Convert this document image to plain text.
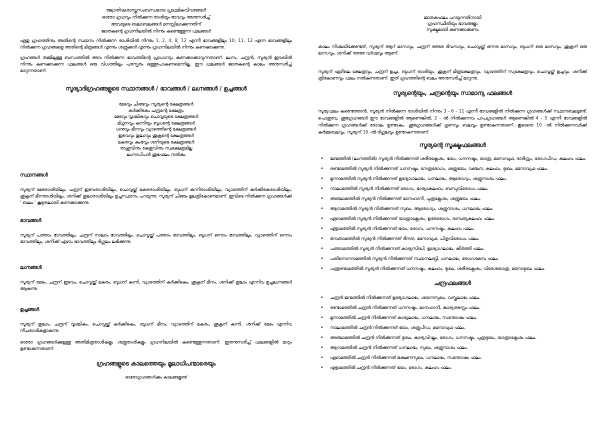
ജ്യോതിഷശാസ്ത്രസംബന്ധമായ പ്രാഥമികവിവരങ്ങൾ
ഓരോ ഗ്രഹവും നിൽക്കുന്ന രാശിയും ഭാവവും അനുസരിച്ച്
അവയുടെ ബലാബലങ്ങൾ മനസ്സിലാക്കുന്നതിന്
ജാതകന്റെ ഗ്രഹനിലയിൽ നിന്നും കണ്ടെത്തുന്ന ഫലങ്ങൾ

ഏതു ഗ്രഹത്തിനും അതിന്റെ സ്ഥാനം നിൽക്കുന്ന രാശിയിൽ നിന്നും 1, 2, 4, 8, 12 എന്നീ ഭാവങ്ങളിലും 10, 11, 12 എന്ന ഭാവങ്ങളിലും നിൽക്കുന്ന ഗ്രഹങ്ങളെ അതിന്റെ മിത്രങ്ങൾ എന്നും ശത്രുക്കൾ എന്നും ഗ്രഹനിലയിൽ നിന്നും കണക്കാക്കുന്നു.

ഗ്രഹങ്ങൾ തമ്മിലുള്ള ബന്ധത്തിൽ അവ നിൽക്കുന്ന ഭാവത്തിന്റെ പ്രാധാന്യം കണക്കാക്കാവുന്നതാണ്. ലഗ്നം, ചന്ദ്രൻ, സൂര്യൻ ഇവയിൽ നിന്നും കണക്കാക്കുന്ന ഫലങ്ങൾ ഒരു വിധത്തിലും പരസ്പരം ഒത്തുപോകണമെന്നില്ല. ഈ ഫലങ്ങൾ ജാതകന്റെ കാലം അനുസരിച്ച് മാറുന്നതാണ്.

സൂര്യാദിഗ്രഹങ്ങളുടെ സ്ഥാനങ്ങൾ / ഭാവങ്ങൾ / ലഗ്നങ്ങൾ / ഉച്ചങ്ങൾ
മേടവും ചിങ്ങവും സൂര്യന്റെ ക്ഷേത്രങ്ങൾ
കർക്കിടകം ചന്ദ്രന്റെ ക്ഷേത്രം
മേടവും വൃശ്ചികവും ചൊവ്വയുടെ ക്ഷേത്രങ്ങൾ
മിഥുനവും കന്നിയും ബുധന്റെ ക്ഷേത്രങ്ങൾ
ധനുവും മീനവും വ്യാഴത്തിന്റെ ക്ഷേത്രങ്ങൾ
ഇടവവും തുലാവും ശുക്രന്റെ ക്ഷേത്രങ്ങൾ
മകരവും കുംഭവും ശനിയുടെ ക്ഷേത്രങ്ങൾ
രാഹുവിനും കേതുവിനും സ്വക്ഷേത്രമില്ല
ലഗ്നാധിപൻ ശുഭഫലം നൽകും
സ്ഥാനങ്ങൾ

സൂര്യന് മേടരാശിയിലും, ചന്ദ്രന് ഇടവരാശിയിലും, ചൊവ്വയ്ക്ക് മകരരാശിയിലും, ബുധന് കന്നിരാശിയിലും, വ്യാഴത്തിന് കർക്കിടകരാശിയിലും, ശുക്രന് മീനരാശിയിലും, ശനിക്ക് തുലാരാശിയിലും ഉച്ചസ്ഥാനം പറയുന്നു. സൂര്യന് ചിങ്ങം മൂലത്രികോണമാണ്. ഇവിടെ നിൽക്കുന്ന ഗ്രഹങ്ങൾക്ക് ' ബലം ' കൂടുതലായി കണക്കാക്കുന്നു.

ഭാവങ്ങൾ

സൂര്യന് പത്താം ഭാവത്തിലും, ചന്ദ്രന് നാലാം ഭാവത്തിലും, ചൊവ്വയ്ക്ക് പത്താം ഭാവത്തിലും, ബുധന് ഒന്നാം ഭാവത്തിലും, വ്യാഴത്തിന് ഒന്നാം ഭാവത്തിലും, ശനിക്ക് ഏഴാം ഭാവത്തിലും ദിഗ്ബലം ലഭിക്കുന്നു.

ലഗ്നങ്ങൾ

സൂര്യന് മേടം, ചന്ദ്രന് ഇടവം, ചൊവ്വയ്ക്ക് മകരം, ബുധന് കന്നി, വ്യാഴത്തിന് കർക്കിടകം, ശുക്രന് മീനം, ശനിക്ക് തുലാം എന്നിവ ഉച്ചലഗ്നങ്ങൾ ആകുന്നു.

ഉച്ചങ്ങൾ

സൂര്യന് തുലാം, ചന്ദ്രന് വൃശ്ചികം, ചൊവ്വയ്ക്ക് കർക്കിടകം, ബുധന് മീനം, വ്യാഴത്തിന് മകരം, ശുക്രന് കന്നി, ശനിക്ക് മേടം എന്നിവ നീചരാശികളാകുന്നു.

ഓരോ ഗ്രഹങ്ങൾക്കുമുള്ള അതിമിത്രരാശികളും ശത്രുരാശികളും ഗ്രഹനിലയിൽ കണ്ടെത്തുന്നതാണ്. ഇതനുസരിച്ച് ഫലങ്ങളിൽ മാറ്റം ഉണ്ടാകുന്നതാണ്.

ഗ്രഹങ്ങളുടെ കാലത്തെയും മൂലാധിപന്മാരെയും
ഓരോഗ്രഹങ്ങൾക്കും കാലങ്ങളുണ്ട്
ജാതകഫലം പറയുന്നതിനായി
ഗ്രഹസ്ഥിതിയും ഭാവങ്ങളും
സൂക്ഷ്മമായി കണക്കാക്കണം

കാലം നിശ്ചയിക്കേണ്ടത്, സൂര്യന് ആറ് മാസവും, ചന്ദ്രന് രണ്ടര ദിവസവും, ചൊവ്വയ്ക്ക് ഒന്നര മാസവും, ബുധന് ഒരു മാസവും, ശുക്രന് ഒരു മാസവും, ശനിക്ക് രണ്ടര വർഷവും ആണ്.

സൂര്യന് ഏഴിലെ ക്ഷേത്രവും, ചന്ദ്രന് ഉച്ചം, ബുധന് രാശിയും, ശുക്രന് മിത്രക്ഷേത്രവും, വ്യാഴത്തിന് സ്വക്ഷേത്രവും, ചൊവ്വയ്ക്ക് ഉച്ചവും, ശനിക്ക് ത്രികോണവും ഫലം നൽകുന്നതാണ്. ഇത് ഗ്രഹത്തിന്റെ ബലം അനുസരിച്ച് മാറുന്നു.

സൂര്യന്റെയും, ചന്ദ്രന്റെയും സാമാന്യ ഫലങ്ങൾ

സൂര്യഫലം കണ്ടെത്താൻ, സൂര്യൻ നിൽക്കുന്ന രാശിയിൽ നിന്നും 3 - 6 - 11 എന്നീ ഭാവങ്ങളിൽ നിൽക്കുന്ന ഗ്രഹങ്ങൾക്ക് സ്ഥാനബലമുണ്ട്. പൊതുവേ, ശുഭഗ്രഹങ്ങൾ ഈ ഭാവങ്ങളിൽ ആണെങ്കിൽ, 2 - ൽ നിൽക്കുന്നവ പാപഗ്രഹങ്ങൾ ആണെങ്കിൽ 4 - 5 എന്നീ ഭാവങ്ങളിൽ നിൽക്കുന്ന ഗ്രഹങ്ങൾക്ക് ദോഷം ഉണ്ടാകും. ശുഭഗ്രഹങ്ങൾക്ക് ഗുണവും ബലവും ഉണ്ടാകുന്നതാണ്. കൂടാതെ 10 -ൽ നിൽക്കുന്നവർക്ക് കർമ്മബലവും, സൂര്യന് 10 -ൽ ദിഗ്ബലവും ഉണ്ടാകുന്നതാണ്.

സൂര്യന്റെ സൂക്ഷ്മഫലങ്ങൾ
•
ജന്മത്തിൽ (ലഗ്നത്തിൽ) സൂര്യൻ നിൽക്കുന്നത് ശരീരക്ലേശം, ഭയം, ധനനഷ്ടം, യാത്ര, മനോവ്യഥ, ദാരിദ്ര്യം, രോഗപീഡ, കലഹം ഫലം.
•
രണ്ടാമത്തിൽ സൂര്യൻ നിൽക്കുന്നത് ധനനഷ്ടം, നേത്രരോഗം, ശത്രുഭയം, വഞ്ചന, കലഹം, ദുഃഖം, മനോവ്യഥ ഫലം.
•
മൂന്നാമത്തിൽ സൂര്യൻ നിൽക്കുന്നത് ഉദ്യോഗലാഭം, ധനലാഭം, ആരോഗ്യം, ശത്രുനാശം ഫലം.
•
നാലാമത്തിൽ സൂര്യൻ നിൽക്കുന്നത് രോഗം, ഭാര്യാകലഹം, ബന്ധുവിരോധം ഫലം.
•
അഞ്ചാമത്തിൽ സൂര്യൻ നിൽക്കുന്നത് മാനഹാനി, പുത്രക്ലേശം, ശത്രുഭയം ഫലം.
•
ആറാമത്തിൽ സൂര്യൻ നിൽക്കുന്നത് സുഖം, ആരോഗ്യം, ശത്രുനാശം, ധനലാഭം ഫലം.
•
ഏഴാമത്തിൽ സൂര്യൻ നിൽക്കുന്നത് യാത്രാക്ലേശം, ഉദരരോഗം, ദാമ്പത്യകലഹം ഫലം.
•
എട്ടാമത്തിൽ സൂര്യൻ നിൽക്കുന്നത് ഭയം, രോഗം, ധനനഷ്ടം, കലഹം ഫലം.
•
ഒമ്പതാമത്തിൽ സൂര്യൻ നിൽക്കുന്നത് ദീനത, മനോവ്യഥ, പിതൃവിരോധം ഫലം.
•
പത്താമത്തിൽ സൂര്യൻ നിൽക്കുന്നത് കാര്യസിദ്ധി, ഉദ്യോഗലാഭം, കീർത്തി ഫലം.
•
പതിനൊന്നാമത്തിൽ സൂര്യൻ നിൽക്കുന്നത് സ്ഥാനലബ്ധി, ധനലാഭം, രോഗശമനം ഫലം.
•
പന്ത്രണ്ടാമത്തിൽ സൂര്യൻ നിൽക്കുന്നത് ധനനഷ്ടം, കലഹം, ദുഃഖം, ശരീരക്ലേശം, വിദേശയാത്ര, മനോദുഃഖം ഫലം.
ചന്ദ്രഫലങ്ങൾ
•
ചന്ദ്രൻ ജന്മത്തിൽ നിൽക്കുന്നത് ഉദ്യോഗലാഭം, ശയനസുഖം, വസ്ത്രലാഭം ഫലം.
•
രണ്ടാമത്തിൽ ചന്ദ്രൻ നിൽക്കുന്നത് ധനനഷ്ടം, മാനഹാനി, കാര്യതടസ്സം ഫലം.
•
മൂന്നാമത്തിൽ ചന്ദ്രൻ നിൽക്കുന്നത് കാര്യലാഭം, ധനലാഭം, സന്തോഷം ഫലം.
•
നാലാമത്തിൽ ചന്ദ്രൻ നിൽക്കുന്നത് ഭയം, ശത്രുപീഡ, മനോവ്യഥ ഫലം.
•
അഞ്ചാമത്തിൽ ചന്ദ്രൻ നിൽക്കുന്നത് ദുഃഖം, കാര്യവിഘ്നം, രോഗം, ധനനഷ്ടം, പുത്രദുഃഖം, യാത്രാക്ലേശം ഫലം.
•
ആറാമത്തിൽ ചന്ദ്രൻ നിൽക്കുന്നത് ധനലാഭം, സുഖം, ശത്രുനാശം ഫലം.
•
ഏഴാമത്തിൽ ചന്ദ്രൻ നിൽക്കുന്നത് ഭക്ഷണസുഖം, ധനലാഭം, സന്തോഷം ഫലം.
•
എട്ടാമത്തിൽ ചന്ദ്രൻ നിൽക്കുന്നത് ഭയം, രോഗം, കലഹം ഫലം.
